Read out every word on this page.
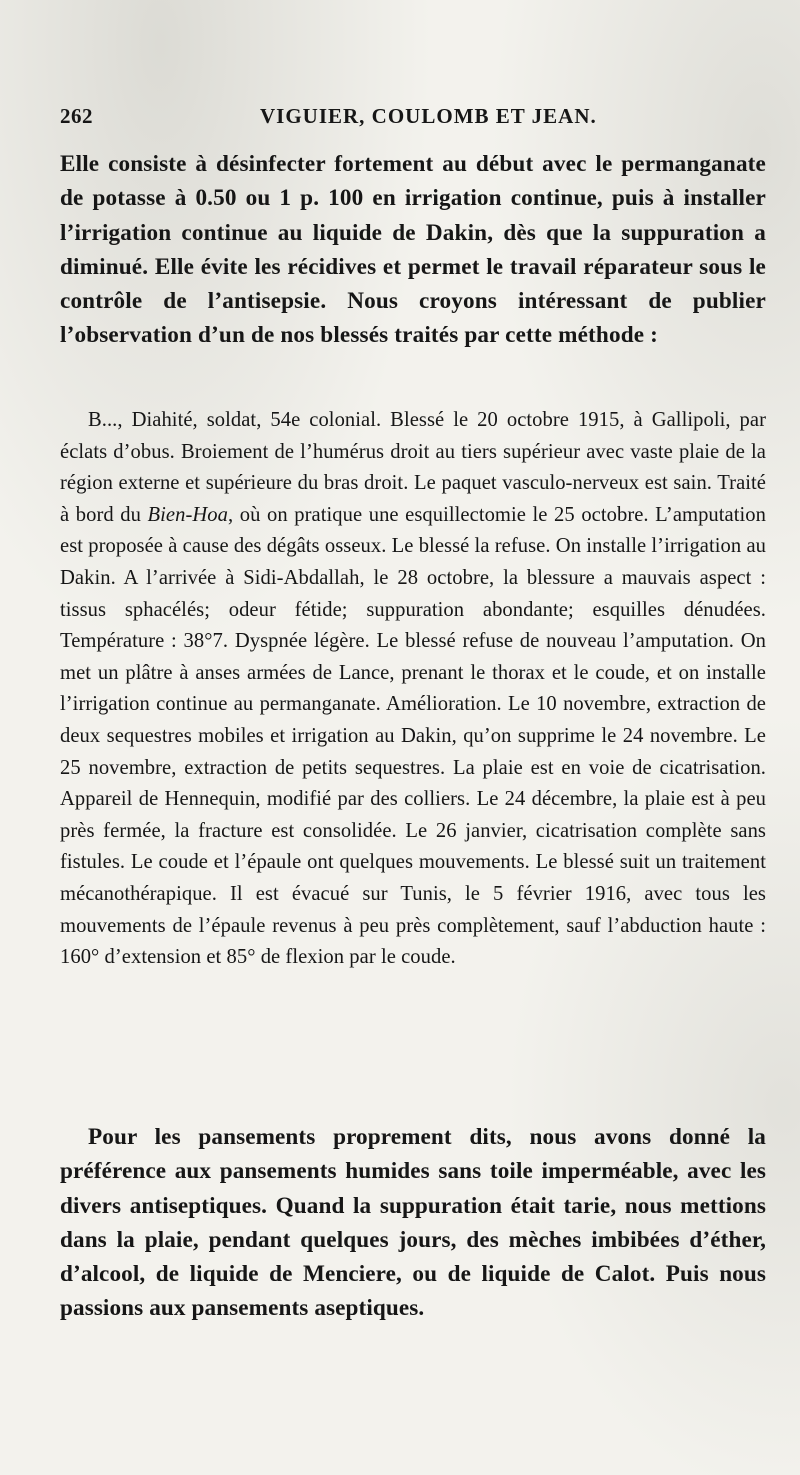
262	VIGUIER, COULOMB ET JEAN.

Elle consiste à désinfecter fortement au début avec le permanganate de potasse à 0.50 ou 1 p. 100 en irrigation continue, puis à installer l’irrigation continue au liquide de Dakin, dès que la suppuration a diminué. Elle évite les récidives et permet le travail réparateur sous le contrôle de l’antisepsie. Nous croyons intéressant de publier l’observation d’un de nos blessés traités par cette méthode :

B..., Diahité, soldat, 54e colonial. Blessé le 20 octobre 1915, à Gallipoli, par éclats d’obus. Broiement de l’humérus droit au tiers supérieur avec vaste plaie de la région externe et supérieure du bras droit. Le paquet vasculo-nerveux est sain. Traité à bord du Bien-Hoa, où on pratique une esquillectomie le 25 octobre. L’amputation est proposée à cause des dégâts osseux. Le blessé la refuse. On installe l’irrigation au Dakin. A l’arrivée à Sidi-Abdallah, le 28 octobre, la blessure a mauvais aspect : tissus sphacélés; odeur fétide; suppuration abondante; esquilles dénudées. Température : 38°7. Dyspnée légère. Le blessé refuse de nouveau l’amputation. On met un plâtre à anses armées de Lance, prenant le thorax et le coude, et on installe l’irrigation continue au permanganate. Amélioration. Le 10 novembre, extraction de deux sequestres mobiles et irrigation au Dakin, qu’on supprime le 24 novembre. Le 25 novembre, extraction de petits sequestres. La plaie est en voie de cicatrisation. Appareil de Hennequin, modifié par des colliers. Le 24 décembre, la plaie est à peu près fermée, la fracture est consolidée. Le 26 janvier, cicatrisation complète sans fistules. Le coude et l’épaule ont quelques mouvements. Le blessé suit un traitement mécanothérapique. Il est évacué sur Tunis, le 5 février 1916, avec tous les mouvements de l’épaule revenus à peu près complètement, sauf l’abduction haute : 160° d’extension et 85° de flexion par le coude.

Pour les pansements proprement dits, nous avons donné la préférence aux pansements humides sans toile imperméable, avec les divers antiseptiques. Quand la suppuration était tarie, nous mettions dans la plaie, pendant quelques jours, des mèches imbibées d’éther, d’alcool, de liquide de Menciere, ou de liquide de Calot. Puis nous passions aux pansements aseptiques.
